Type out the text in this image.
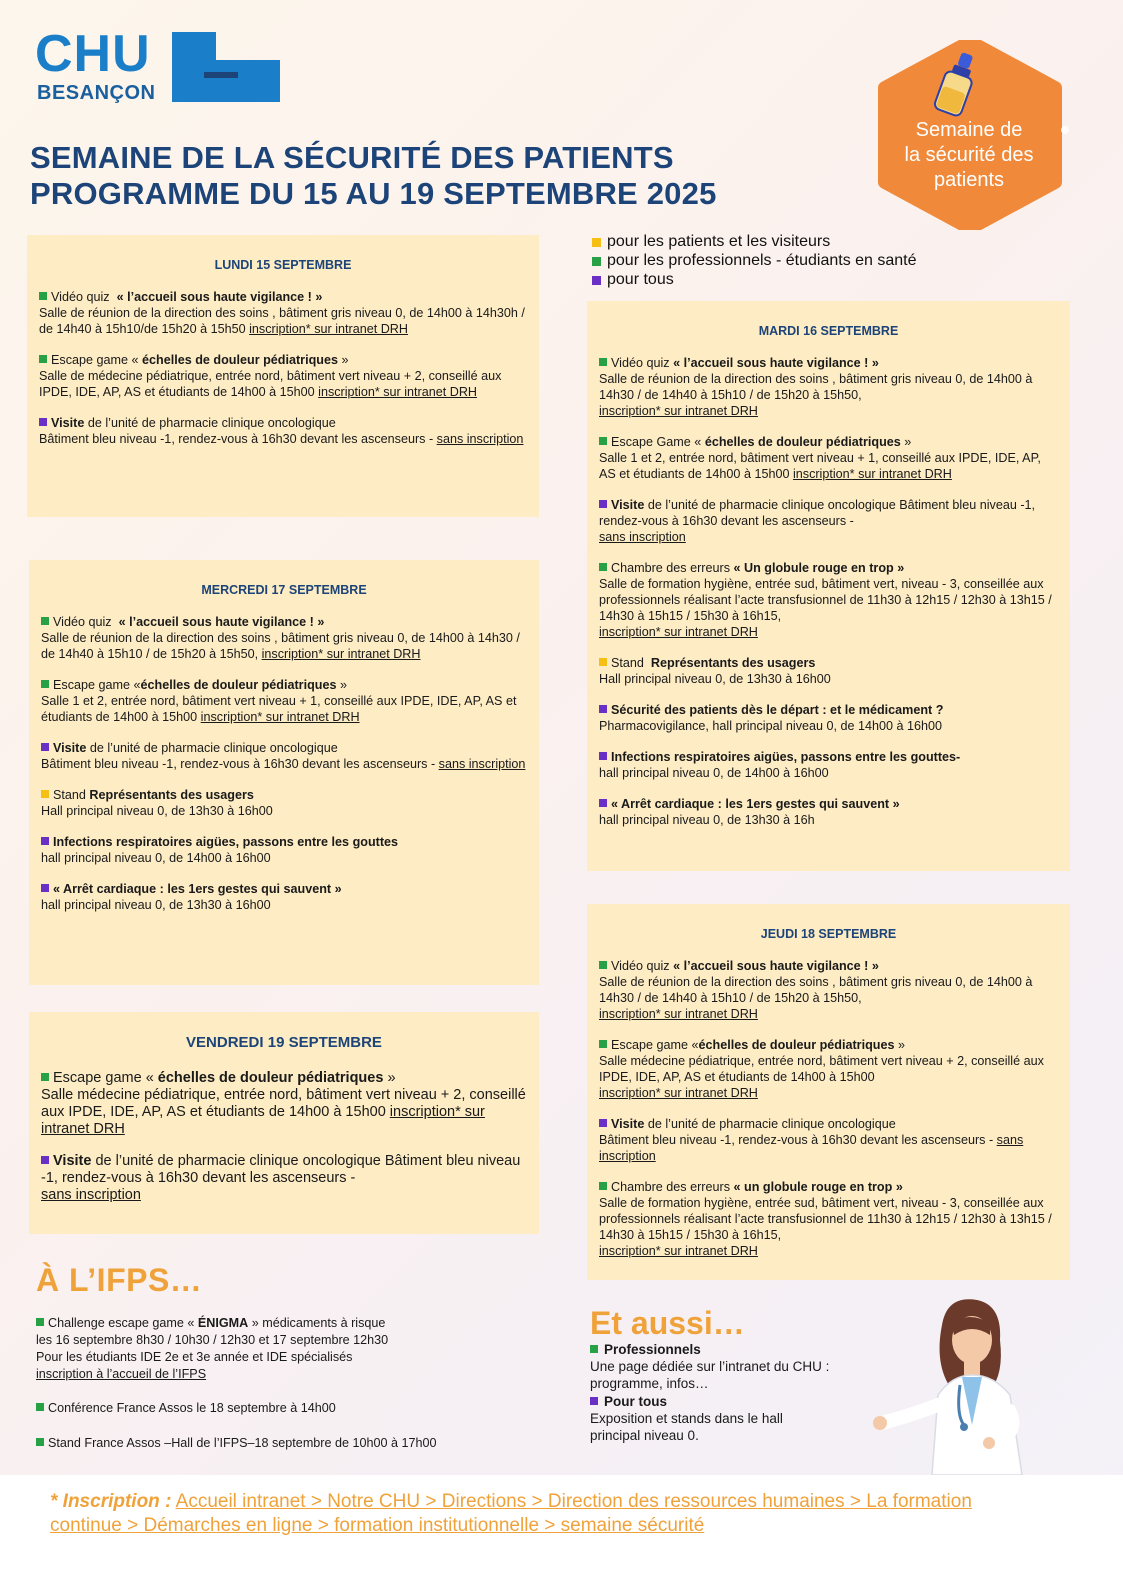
CHU
BESANÇON
SEMAINE DE LA SÉCURITÉ DES PATIENTS
PROGRAMME DU 15 AU 19 SEPTEMBRE 2025
Semaine de
la sécurité des
patients
pour les patients et les visiteurs
pour les professionnels - étudiants en santé
pour tous
LUNDI 15 SEPTEMBRE
Vidéo quiz « l’accueil sous haute vigilance ! »
Salle de réunion de la direction des soins , bâtiment gris niveau 0, de 14h00 à 14h30h / de 14h40 à 15h10/de 15h20 à 15h50 inscription* sur intranet DRH
Escape game « échelles de douleur pédiatriques »
Salle de médecine pédiatrique, entrée nord, bâtiment vert niveau + 2, conseillé aux IPDE, IDE, AP, AS et étudiants de 14h00 à 15h00 inscription* sur intranet DRH
Visite de l’unité de pharmacie clinique oncologique
Bâtiment bleu niveau -1, rendez-vous à 16h30 devant les ascenseurs - sans inscription
MERCREDI 17 SEPTEMBRE
Vidéo quiz « l’accueil sous haute vigilance ! »
Salle de réunion de la direction des soins , bâtiment gris niveau 0, de 14h00 à 14h30 / de 14h40 à 15h10 / de 15h20 à 15h50, inscription* sur intranet DRH
Escape game «échelles de douleur pédiatriques »
Salle 1 et 2, entrée nord, bâtiment vert niveau + 1, conseillé aux IPDE, IDE, AP, AS et étudiants de 14h00 à 15h00 inscription* sur intranet DRH
Visite de l’unité de pharmacie clinique oncologique
Bâtiment bleu niveau -1, rendez-vous à 16h30 devant les ascenseurs - sans inscription
Stand Représentants des usagers
Hall principal niveau 0, de 13h30 à 16h00
Infections respiratoires aigües, passons entre les gouttes
hall principal niveau 0, de 14h00 à 16h00
« Arrêt cardiaque : les 1ers gestes qui sauvent »
hall principal niveau 0, de 13h30 à 16h00
VENDREDI 19 SEPTEMBRE
Escape game « échelles de douleur pédiatriques »
Salle médecine pédiatrique, entrée nord, bâtiment vert niveau + 2, conseillé aux IPDE, IDE, AP, AS et étudiants de 14h00 à 15h00 inscription* sur intranet DRH
Visite de l’unité de pharmacie clinique oncologique Bâtiment bleu niveau -1, rendez-vous à 16h30 devant les ascenseurs -
sans inscription
MARDI 16 SEPTEMBRE
Vidéo quiz « l’accueil sous haute vigilance ! »
Salle de réunion de la direction des soins , bâtiment gris niveau 0, de 14h00 à 14h30 / de 14h40 à 15h10 / de 15h20 à 15h50,
inscription* sur intranet DRH
Escape Game « échelles de douleur pédiatriques »
Salle 1 et 2, entrée nord, bâtiment vert niveau + 1, conseillé aux IPDE, IDE, AP, AS et étudiants de 14h00 à 15h00 inscription* sur intranet DRH
Visite de l’unité de pharmacie clinique oncologique Bâtiment bleu niveau -1, rendez-vous à 16h30 devant les ascenseurs -
sans inscription
Chambre des erreurs « Un globule rouge en trop »
Salle de formation hygiène, entrée sud, bâtiment vert, niveau - 3, conseillée aux professionnels réalisant l’acte transfusionnel de 11h30 à 12h15 / 12h30 à 13h15 / 14h30 à 15h15 / 15h30 à 16h15,
inscription* sur intranet DRH
Stand Représentants des usagers
Hall principal niveau 0, de 13h30 à 16h00
Sécurité des patients dès le départ : et le médicament ?
Pharmacovigilance, hall principal niveau 0, de 14h00 à 16h00
Infections respiratoires aigües, passons entre les gouttes-
hall principal niveau 0, de 14h00 à 16h00
« Arrêt cardiaque : les 1ers gestes qui sauvent »
hall principal niveau 0, de 13h30 à 16h
JEUDI 18 SEPTEMBRE
Vidéo quiz « l’accueil sous haute vigilance ! »
Salle de réunion de la direction des soins , bâtiment gris niveau 0, de 14h00 à 14h30 / de 14h40 à 15h10 / de 15h20 à 15h50,
inscription* sur intranet DRH
Escape game «échelles de douleur pédiatriques »
Salle médecine pédiatrique, entrée nord, bâtiment vert niveau + 2, conseillé aux IPDE, IDE, AP, AS et étudiants de 14h00 à 15h00
inscription* sur intranet DRH
Visite de l’unité de pharmacie clinique oncologique
Bâtiment bleu niveau -1, rendez-vous à 16h30 devant les ascenseurs - sans inscription
Chambre des erreurs « un globule rouge en trop »
Salle de formation hygiène, entrée sud, bâtiment vert, niveau - 3, conseillée aux professionnels réalisant l’acte transfusionnel de 11h30 à 12h15 / 12h30 à 13h15 / 14h30 à 15h15 / 15h30 à 16h15,
inscription* sur intranet DRH
À L’IFPS…
Challenge escape game « ÉNIGMA » médicaments à risque
les 16 septembre 8h30 / 10h30 / 12h30 et 17 septembre 12h30
Pour les étudiants IDE 2e et 3e année et IDE spécialisés
inscription à l’accueil de l’IFPS
Conférence France Assos le 18 septembre à 14h00
Stand France Assos –Hall de l’IFPS–18 septembre de 10h00 à 17h00
Et aussi…
Professionnels
Une page dédiée sur l’intranet du CHU :
programme, infos…
Pour tous
Exposition et stands dans le hall
principal niveau 0.
* Inscription : Accueil intranet > Notre CHU > Directions > Direction des ressources humaines > La formation
continue > Démarches en ligne > formation institutionnelle > semaine sécurité
